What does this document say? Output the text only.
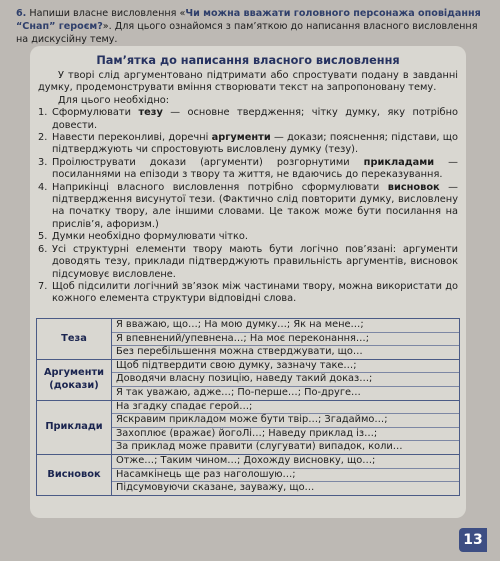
6. Напиши власне висловлення «Чи можна вважати головного персонажа оповідання “Снап” героєм?». Для цього ознайомся з пам’яткою до написання власного висловлення на дискусійну тему.
Пам’ятка до написання власного висловлення

У творі слід аргументовано підтримати або спростувати подану в завданні думку, продемонструвати вміння створювати текст на запропоновану тему.

Для цього необхідно:

1. Сформулювати тезу — основне твердження; чітку думку, яку потрібно довести.
2. Навести переконливі, доречні аргументи — докази; пояснення; підстави, що підтверджують чи спростовують висловлену думку (тезу).
3. Проілюструвати докази (аргументи) розгорнутими прикладами — посиланнями на епізоди з твору та життя, не вдаючись до переказування.
4. Наприкінці власного висловлення потрібно сформулювати висновок — підтвердження висунутої тези. (Фактично слід повторити думку, висловлену на початку твору, але іншими словами. Це також може бути посилання на прислів’я, афоризм.)
5. Думки необхідно формулювати чітко.
6. Усі структурні елементи твору мають бути логічно пов’язані: аргументи доводять тезу, приклади підтверджують правильність аргументів, висновок підсумовує висловлене.
7. Щоб підсилити логічний зв’язок між частинами твору, можна використати до кожного елемента структури відповідні слова.
Теза	Я вважаю, що…; На мою думку…; Як на мене…;
Я впевнений/упевнена…; На моє переконання…;
Без перебільшення можна стверджувати, що…

Аргументи (докази)	Щоб підтвердити свою думку, зазначу таке…;
Доводячи власну позицію, наведу такий доказ…;
Я так уважаю, адже…; По-перше…; По-друге…

Приклади	На згадку спадає герой…;
Яскравим прикладом може бути твір…; Згадаймо…;
Захоплює (вражає) йогоЛі…; Наведу приклад із…;
За приклад може правити (слугувати) випадок, коли…

Висновок	Отже…; Таким чином…; Дохожду висновку, що…;
Насамкінець ще раз наголошую…;
Підсумовуючи сказане, зауважу, що…
13
